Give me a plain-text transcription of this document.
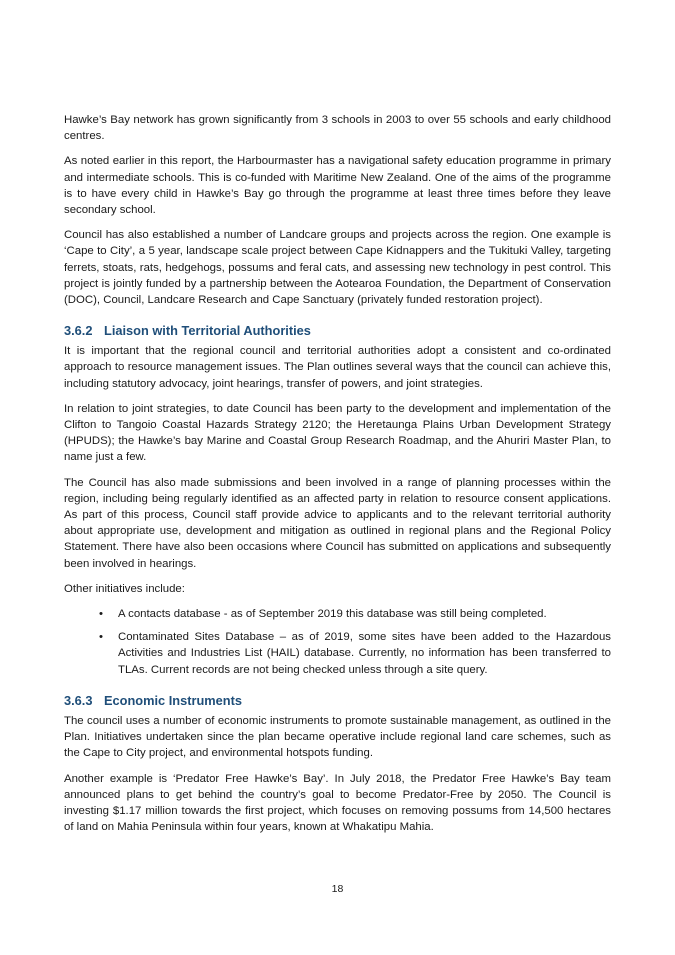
Hawke’s Bay network has grown significantly from 3 schools in 2003 to over 55 schools and early childhood centres.

As noted earlier in this report, the Harbourmaster has a navigational safety education programme in primary and intermediate schools. This is co-funded with Maritime New Zealand. One of the aims of the programme is to have every child in Hawke’s Bay go through the programme at least three times before they leave secondary school.

Council has also established a number of Landcare groups and projects across the region. One example is ‘Cape to City’, a 5 year, landscape scale project between Cape Kidnappers and the Tukituki Valley, targeting ferrets, stoats, rats, hedgehogs, possums and feral cats, and assessing new technology in pest control. This project is jointly funded by a partnership between the Aotearoa Foundation, the Department of Conservation (DOC), Council, Landcare Research and Cape Sanctuary (privately funded restoration project).

3.6.2 Liaison with Territorial Authorities

It is important that the regional council and territorial authorities adopt a consistent and co-ordinated approach to resource management issues. The Plan outlines several ways that the council can achieve this, including statutory advocacy, joint hearings, transfer of powers, and joint strategies.

In relation to joint strategies, to date Council has been party to the development and implementation of the Clifton to Tangoio Coastal Hazards Strategy 2120; the Heretaunga Plains Urban Development Strategy (HPUDS); the Hawke’s bay Marine and Coastal Group Research Roadmap, and the Ahuriri Master Plan, to name just a few.

The Council has also made submissions and been involved in a range of planning processes within the region, including being regularly identified as an affected party in relation to resource consent applications. As part of this process, Council staff provide advice to applicants and to the relevant territorial authority about appropriate use, development and mitigation as outlined in regional plans and the Regional Policy Statement. There have also been occasions where Council has submitted on applications and subsequently been involved in hearings.

Other initiatives include:

• A contacts database - as of September 2019 this database was still being completed.
• Contaminated Sites Database – as of 2019, some sites have been added to the Hazardous Activities and Industries List (HAIL) database. Currently, no information has been transferred to TLAs. Current records are not being checked unless through a site query.
3.6.3 Economic Instruments

The council uses a number of economic instruments to promote sustainable management, as outlined in the Plan. Initiatives undertaken since the plan became operative include regional land care schemes, such as the Cape to City project, and environmental hotspots funding.

Another example is ‘Predator Free Hawke’s Bay’. In July 2018, the Predator Free Hawke’s Bay team announced plans to get behind the country’s goal to become Predator-Free by 2050. The Council is investing $1.17 million towards the first project, which focuses on removing possums from 14,500 hectares of land on Mahia Peninsula within four years, known at Whakatipu Mahia.

18
